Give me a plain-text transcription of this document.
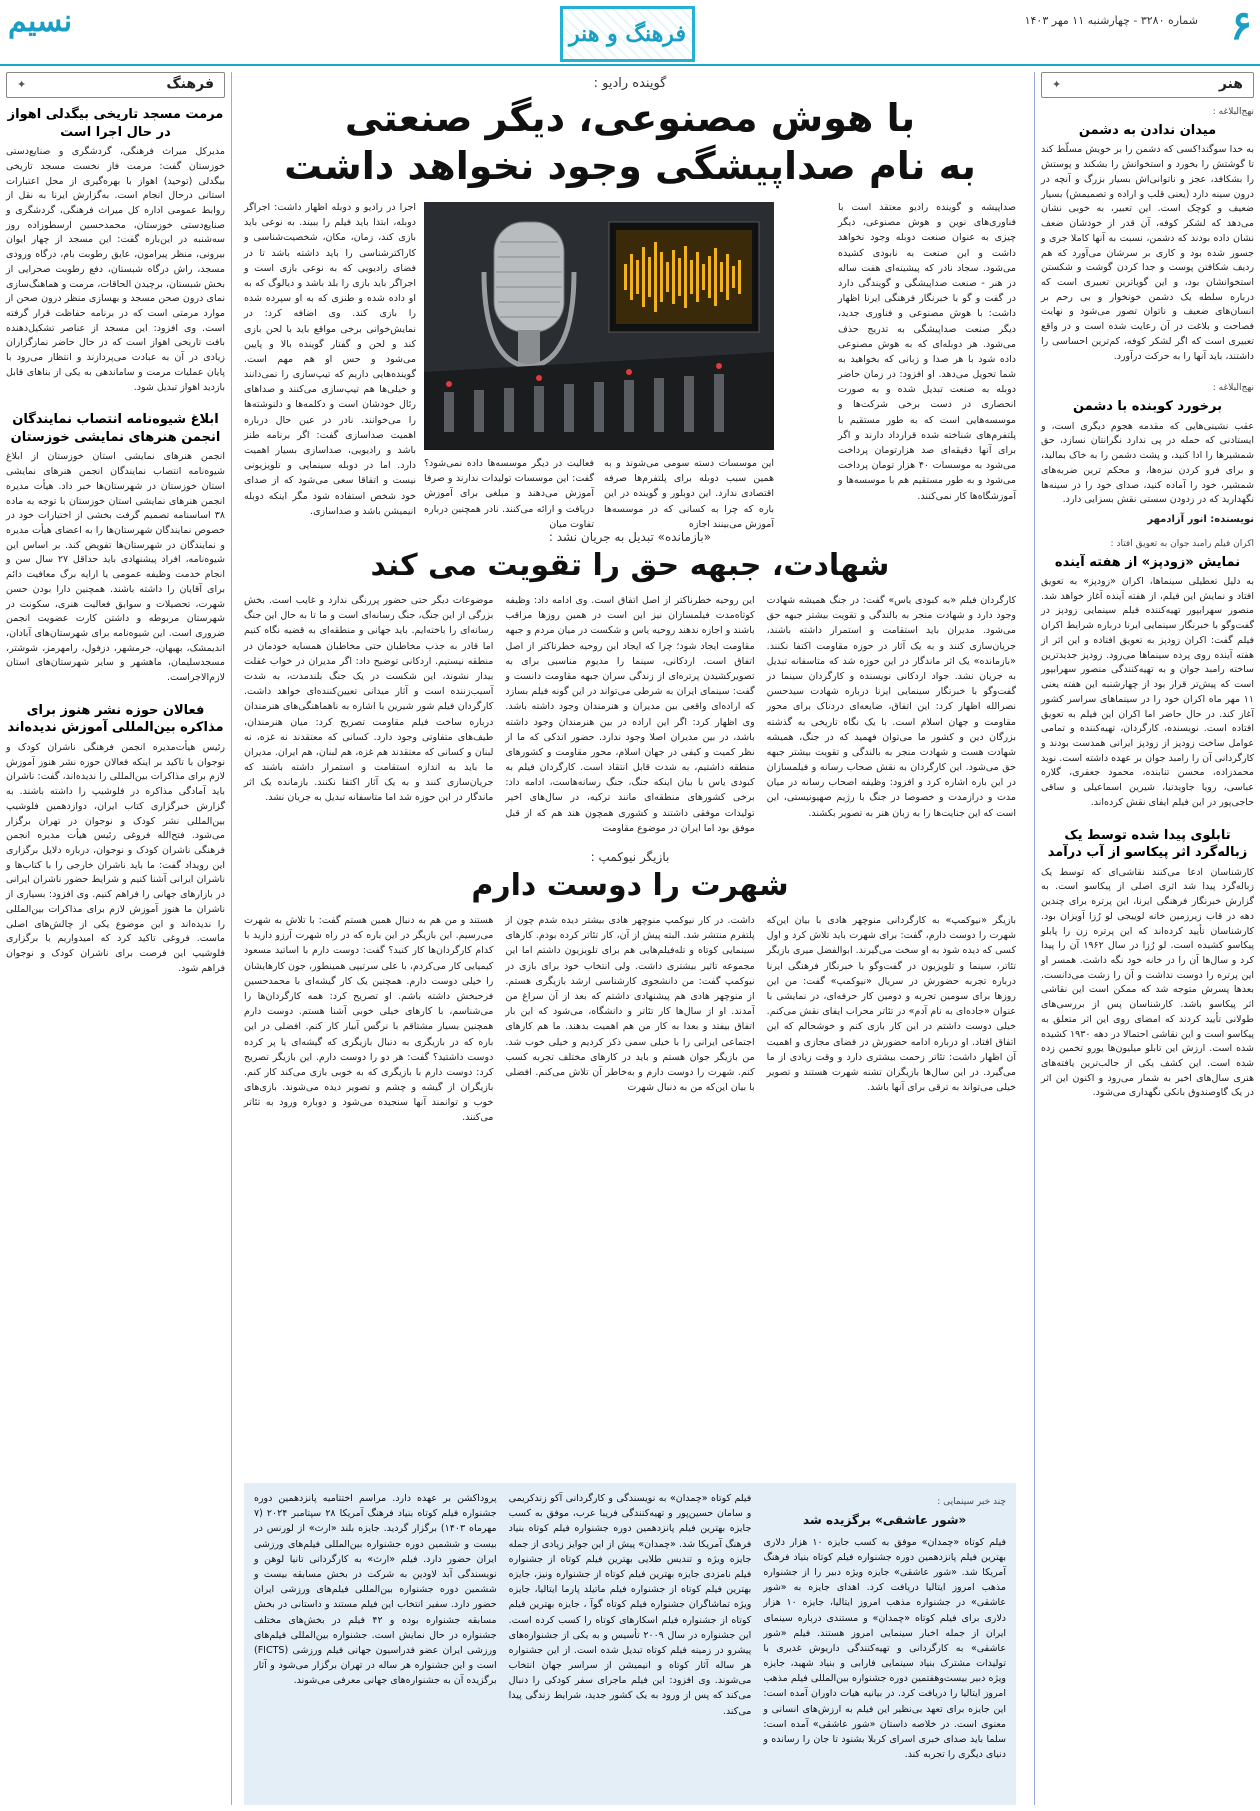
۶
شماره ۳۲۸۰ - چهارشنبه ۱۱ مهر ۱۴۰۳
فرهنگ و هنر
نسیم
هنر
✦
نهج‌البلاغه :
میدان ندادن به دشمن

به خدا سوگند!کسی که دشمن را بر خویش مسلّط کند تا گوشتش را بخورد و استخوانش را بشکند و پوستش را بشکافد، عجز و ناتوانی‌اش بسیار بزرگ و آنچه در درون سینه دارد (یعنی قلب و اراده و تصمیمش) بسیار ضعیف و کوچک است. این تعبیر، به خوبی نشان می‌دهد که لشکر کوفه، آن قدر از خودشان ضعف نشان داده بودند که دشمن، نسبت به آنها کاملا جری و جسور شده بود و کاری بر سرشان می‌آورد که هم ردیف شکافتن پوست و جدا کردن گوشت و شکستن استخوانشان بود، و این گویاترین تعبیری است که درباره سلطه یک دشمن خونخوار و بی رحم بر انسان‌های ضعیف و ناتوان تصور می‌شود و نهایت فصاحت و بلاغت در آن رعایت شده است و در واقع تعبیری است که اگر لشکر کوفه، کم‌ترین احساسی را داشتند، باید آنها را به حرکت درآورد.

نهج‌البلاغه :
برخورد کوبنده با دشمن

عقب نشینی‌هایی که مقدمه هجوم دیگری است، و ایستادنی که حمله در پی ندارد نگرانتان نسازد، حق شمشیرها را ادا کنید، و پشت دشمن را به خاک بمالید، و برای فرو کردن نیزه‌ها، و محکم ترین ضربه‌های شمشیر، خود را آماده کنید، صدای خود را در سینه‌ها نگهدارید که در زدودن سستی نقش بسزایی دارد.

نویسنده: انور آزادمهر
اکران فیلم رامبد جوان به تعویق افتاد :
نمایش «زودپز» از هفته آینده

به دلیل تعطیلی سینماها، اکران «زودپز» به تعویق افتاد و نمایش این فیلم، از هفته آینده آغاز خواهد شد. منصور سهرابپور تهیه‌کننده فیلم سینمایی زودپز در گفت‌وگو با خبرنگار سینمایی ایرنا درباره شرایط اکران فیلم گفت: اکران زودپز به تعویق افتاده و این اثر از هفته آینده روی پرده سینماها می‌رود. زودپز جدیدترین ساخته رامبد جوان و به تهیه‌کنندگی منصور سهرابپور است که پیش‌تر قرار بود از چهارشنبه این هفته یعنی ۱۱ مهر ماه اکران خود را در سینماهای سراسر کشور آغاز کند. در حال حاضر اما اکران این فیلم به تعویق افتاده است. نویسنده، کارگردان، تهیه‌کننده و تمامی عوامل ساخت زودپز از زودپز ایرانی همدست بودند و کارگردانی آن را رامبد جوان بر عهده داشته است. نوید محمدزاده، محسن تنابنده، محمود جعفری، گلاره عباسی، رویا جاویدنیا، شیرین اسماعیلی و ساقی حاجی‌پور در این فیلم ایفای نقش کرده‌اند.

تابلوی پیدا شده توسط یک زباله‌گرد اثر پیکاسو از آب درآمد

کارشناسان ادعا می‌کنند نقاشی‌ای که توسط یک زباله‌گرد پیدا شد اثری اصلی از پیکاسو است. به گزارش خبرنگار فرهنگی ایرنا، این پرتره برای چندین دهه در قاب زیرزمین خانه لوییجی لو رُزا آویزان بود. کارشناسان تأیید کرده‌اند که این پرتره زن را پابلو پیکاسو کشیده است. لو رُزا در سال ۱۹۶۲ آن را پیدا کرد و سال‌ها آن را در خانه خود نگه داشت. همسر او این پرتره را دوست نداشت و آن را زشت می‌دانست. بعدها پسرش متوجه شد که ممکن است این نقاشی اثر پیکاسو باشد. کارشناسان پس از بررسی‌های طولانی تأیید کردند که امضای روی این اثر متعلق به پیکاسو است و این نقاشی احتمالا در دهه ۱۹۳۰ کشیده شده است. ارزش این تابلو میلیون‌ها یورو تخمین زده شده است. این کشف یکی از جالب‌ترین یافته‌های هنری سال‌های اخیر به شمار می‌رود و اکنون این اثر در یک گاوصندوق بانکی نگهداری می‌شود.

فرهنگ
✦
مرمت مسجد تاریخی بیگدلی اهواز در حال اجرا است

مدیرکل میراث فرهنگی، گردشگری و صنایع‌دستی خوزستان گفت: مرمت فاز نخست مسجد تاریخی بیگدلی (توحید) اهواز با بهره‌گیری از محل اعتبارات استانی درحال انجام است. به‌گزارش ایرنا به نقل از روابط عمومی اداره کل میراث فرهنگی، گردشگری و صنایع‌دستی خوزستان، محمدحسین ارسطوزاده روز سه‌شنبه در این‌باره گفت: این مسجد از چهار ایوان بیرونی، منظر پیرامون، عایق رطوبت بام، درگاه ورودی مسجد، راش درگاه شبستان، دفع رطوبت صحرایی از بخش شبستان، برچیدن الحاقات، مرمت و هماهنگ‌سازی نمای درون صحن مسجد و بهسازی منظر درون صحن از موارد مرمتی است که در برنامه حفاظت قرار گرفته است. وی افزود: این مسجد از عناصر تشکیل‌دهنده بافت تاریخی اهواز است که در حال حاضر نمازگزاران زیادی در آن به عبادت می‌پردازند و انتظار می‌رود با پایان عملیات مرمت و ساماندهی به یکی از بناهای قابل بازدید اهواز تبدیل شود.

ابلاغ شیوه‌نامه انتصاب نمایندگان انجمن هنرهای نمایشی خوزستان

انجمن هنرهای نمایشی استان خوزستان از ابلاغ شیوه‌نامه انتصاب نمایندگان انجمن هنرهای نمایشی استان خوزستان در شهرستان‌ها خبر داد. هیأت مدیره انجمن هنرهای نمایشی استان خوزستان با توجه به ماده ۳۸ اساسنامه تصمیم گرفت بخشی از اختیارات خود در خصوص نمایندگان شهرستان‌ها را به اعضای هیأت مدیره و نمایندگان در شهرستان‌ها تفویض کند. بر اساس این شیوه‌نامه، افراد پیشنهادی باید حداقل ۲۷ سال سن و انجام خدمت وظیفه عمومی یا ارایه برگ معافیت دائم برای آقایان را داشته باشند. همچنین دارا بودن حسن شهرت، تحصیلات و سوابق فعالیت هنری، سکونت در شهرستان مربوطه و داشتن کارت عضویت انجمن ضروری است. این شیوه‌نامه برای شهرستان‌های آبادان، اندیمشک، بهبهان، خرمشهر، دزفول، رامهرمز، شوشتر، مسجدسلیمان، ماهشهر و سایر شهرستان‌های استان لازم‌الاجراست.

فعالان حوزه نشر هنوز برای مذاکره بین‌المللی آموزش ندیده‌اند

رئیس هیأت‌مدیره انجمن فرهنگی ناشران کودک و نوجوان با تاکید بر اینکه فعالان حوزه نشر هنوز آموزش لازم برای مذاکرات بین‌المللی را ندیده‌اند، گفت: ناشران باید آمادگی مذاکره در فلوشیپ را داشته باشند. به گزارش خبرگزاری کتاب ایران، دوازدهمین فلوشیپ بین‌المللی نشر کودک و نوجوان در تهران برگزار می‌شود. فتح‌الله فروغی رئیس هیأت مدیره انجمن فرهنگی ناشران کودک و نوجوان، درباره دلایل برگزاری این رویداد گفت: ما باید ناشران خارجی را با کتاب‌ها و ناشران ایرانی آشنا کنیم و شرایط حضور ناشران ایرانی در بازارهای جهانی را فراهم کنیم. وی افزود: بسیاری از ناشران ما هنوز آموزش لازم برای مذاکرات بین‌المللی را ندیده‌اند و این موضوع یکی از چالش‌های اصلی ماست. فروغی تاکید کرد که امیدواریم با برگزاری فلوشیپ این فرصت برای ناشران کودک و نوجوان فراهم شود.

گوینده رادیو :
با هوش مصنوعی، دیگر صنعتی
به نام صداپیشگی وجود نخواهد داشت
صداپیشه و گوینده رادیو معتقد است با فناوری‌های نوین و هوش مصنوعی، دیگر چیزی به عنوان صنعت دوبله وجود نخواهد داشت و این صنعت به نابودی کشیده می‌شود. سجاد نادر که پیشینه‌ای هفت ساله در هنر - صنعت صداپیشگی و گویندگی دارد در گفت و گو با خبرنگار فرهنگی ایرنا اظهار داشت: با هوش مصنوعی و فناوری جدید، دیگر صنعت صداپیشگی به تدریج حذف می‌شود. هر دوبله‌ای که به هوش مصنوعی داده شود با هر صدا و زبانی که بخواهید به شما تحویل می‌دهد. او افزود: در زمان حاضر دوبله به صنعت تبدیل شده و به صورت انحصاری در دست برخی شرکت‌ها و موسسه‌هایی است که به طور مستقیم با پلتفرم‌های شناخته شده قرارداد دارند و اگر برای آنها دقیقه‌ای صد هزارتومان پرداخت می‌شود به موسسات ۴۰ هزار تومان پرداخت می‌شود و به طور مستقیم هم با موسسه‌ها و آموزشگاه‌ها کار نمی‌کنند.
اجرا در رادیو و دوبله اظهار داشت: اجراگر دوبله، ابتدا باید فیلم را ببیند. به نوعی باید بازی کند، زمان، مکان، شخصیت‌شناسی و کاراکترشناسی را باید داشته باشد تا در فضای رادیویی که به نوعی بازی است و اجراگر باید بازی را بلد باشد و دیالوگ که به او داده شده و طنزی که به او سپرده شده را بازی کند. وی اضافه کرد: در نمایش‌خوانی برخی مواقع باید با لحن بازی کند و لحن و گفتار گوینده بالا و پایین می‌شود و حس او هم مهم است. گوینده‌هایی داریم که تیپ‌سازی را نمی‌دانند و خیلی‌ها هم تیپ‌سازی می‌کنند و صداهای رئال خودشان است و دکلمه‌ها و دلنوشته‌ها را می‌خوانند. نادر در عین حال درباره اهمیت صداسازی گفت: اگر برنامه طنز باشد و رادیویی، صداسازی بسیار اهمیت دارد. اما در دوبله سینمایی و تلویزیونی نیست و اتفاقا سعی می‌شود که از صدای خود شخص استفاده شود مگر اینکه دوبله انیمیشن باشد و صداسازی.
فعالیت در دیگر موسسه‌ها داده نمی‌شود؟ گفت: این موسسات تولیدات ندارند و صرفا آموزش می‌دهند و مبلغی برای آموزش دریافت و ارائه می‌کنند. نادر همچنین درباره تفاوت میان
این موسسات دسته سومی می‌شوند و به همین سبب دوبله برای پلتفرم‌ها صرفه اقتصادی ندارد. این دوبلور و گوینده در این باره که چرا به کسانی که در موسسه‌ها آموزش می‌بینند اجازه
«بازمانده» تبدیل به جریان نشد :
شهادت، جبهه حق را تقویت می کند
کارگردان فیلم «به کبودی یاس» گفت: در جنگ همیشه شهادت وجود دارد و شهادت منجر به بالندگی و تقویت بیشتر جبهه حق می‌شود. مدیران باید استقامت و استمرار داشته باشند، جریان‌سازی کنند و به یک آثار در حوزه مقاومت اکتفا نکنند. «بازمانده» یک اثر ماندگار در این حوزه شد که متاسفانه تبدیل به جریان نشد. جواد اردکانی نویسنده و کارگردان سینما در گفت‌وگو با خبرنگار سینمایی ایرنا درباره شهادت سیدحسن نصرالله اظهار کرد: این اتفاق، ضایعه‌ای دردناک برای محور مقاومت و جهان اسلام است. با یک نگاه تاریخی به گذشته بزرگان دین و کشور ما می‌توان فهمید که در جنگ، همیشه شهادت هست و شهادت منجر به بالندگی و تقویت بیشتر جبهه حق می‌شود. این کارگردان به نقش صحاب رسانه و فیلمسازان در این باره اشاره کرد و افزود: وظیفه اصحاب رسانه در میان مدت و درازمدت و خصوصا در جنگ با رژیم صهیونیستی، این است که این جنایت‌ها را به زبان هنر به تصویر بکشند.
این روحیه خطرناکتر از اصل اتفاق است. وی ادامه داد: وظیفه کوتاه‌مدت فیلمسازان نیز این است در همین روزها مراقب باشند و اجازه ندهند روحیه یاس و شکست در میان مردم و جبهه مقاومت ایجاد شود؛ چرا که ایجاد این روحیه خطرناکتر از اصل اتفاق است. اردکانی، سینما را مدیوم مناسبی برای به تصویرکشیدن پرتره‌ای از زندگی سران جبهه مقاومت دانست و گفت: سینمای ایران به شرطی می‌تواند در این گونه فیلم بسازد که اراده‌ای واقعی بین مدیران و هنرمندان وجود داشته باشد. وی اظهار کرد: اگر این اراده در بین هنرمندان وجود داشته باشد، در بین مدیران اصلا وجود ندارد. حضور اندکی که ما از نظر کمیت و کیفی در جهان اسلام، محور مقاومت و کشورهای منطقه داشتیم، به شدت قابل انتقاد است. کارگردان فیلم به کبودی یاس با بیان اینکه جنگ، جنگ رسانه‌هاست، ادامه داد: برخی کشورهای منطقه‌ای مانند ترکیه، در سال‌های اخیر تولیدات موفقی داشتند و کشوری همچون هند هم که از قبل موفق بود اما ایران در موضوع مقاومت
موضوعات دیگر حتی حضور پررنگی ندارد و غایب است. بخش بزرگی از این جنگ، جنگ رسانه‌ای است و ما تا به حال این جنگ رسانه‌ای را باخته‌ایم. باید جهانی و منطقه‌ای به قضیه نگاه کنیم اما قادر به جذب مخاطبان حتی مخاطبان همسایه خودمان در منطقه نیستیم. اردکانی توضیح داد: اگر مدیران در خواب غفلت بیدار نشوند، این شکست در یک جنگ بلندمدت، به شدت آسیب‌زننده است و آثار میدانی تعیین‌کننده‌ای خواهد داشت. کارگردان فیلم شور شیرین با اشاره به ناهماهنگی‌های هنرمندان درباره ساخت فیلم مقاومت تصریح کرد: میان هنرمندان، طیف‌های متفاوتی وجود دارد. کسانی که معتقدند نه غزه، نه لبنان و کسانی که معتقدند هم غزه، هم لبنان، هم ایران. مدیران ما باید به اندازه استقامت و استمرار داشته باشند که جریان‌سازی کنند و به یک آثار اکتفا نکنند. بازمانده یک اثر ماندگار در این حوزه شد اما متاسفانه تبدیل به جریان نشد.
بازیگر نیوکمپ :
شهرت را دوست دارم
بازیگر «نیوکمپ» به کارگردانی منوچهر هادی با بیان این‌که شهرت را دوست دارم، گفت: برای شهرت باید تلاش کرد و اول کسی که دیده شود به او سخت می‌گیرند. ابوالفضل میری بازیگر تئاتر، سینما و تلویزیون در گفت‌وگو با خبرنگار فرهنگی ایرنا درباره تجربه حضورش در سریال «نیوکمپ» گفت: من این روزها برای سومین تجربه و دومین کار حرفه‌ای، در نمایشی با عنوان «جاده‌ای به نام آدم» در تئاتر محراب ایفای نقش می‌کنم. خیلی دوست داشتم در این کار بازی کنم و خوشحالم که این اتفاق افتاد. او درباره ادامه حضورش در فضای مجازی و اهمیت آن اظهار داشت: تئاتر زحمت بیشتری دارد و وقت زیادی از ما می‌گیرد. در این سال‌ها بازیگران تشنه شهرت هستند و تصویر خیلی می‌تواند به ترقی برای آنها باشد.
داشت. در کار نیوکمپ منوچهر هادی بیشتر دیده شدم چون از پلتفرم منتشر شد. البته پیش از آن، کار تئاتر کرده بودم. کارهای سینمایی کوتاه و تله‌فیلم‌هایی هم برای تلویزیون داشتم اما این مجموعه تاثیر بیشتری داشت. ولی انتخاب خود برای بازی در نیوکمپ گفت: من دانشجوی کارشناسی ارشد بازیگری هستم. از منوچهر هادی هم پیشنهادی داشتم که بعد از آن سراغ من آمدند. او از سال‌ها کار تئاتر و دانشگاه، می‌شود که این بار اتفاق بیفتد و بعدا به کار من هم اهمیت بدهند. ما هم کارهای اجتماعی ایرانی را با خیلی سمی ذکر کردیم و خیلی خوب شد. من بازیگر جوان هستم و باید در کارهای مختلف تجربه کسب کنم. شهرت را دوست دارم و به‌خاطر آن تلاش می‌کنم. افضلی با بیان این‌که من به دنبال شهرت
هستند و من هم به دنبال همین هستم گفت: با تلاش به شهرت می‌رسیم. این بازیگر در این باره که در راه شهرت آرزو دارید با کدام کارگردان‌ها کار کنید؟ گفت: دوست دارم با اساتید مسعود کیمیایی کار می‌کردم، با علی سرتیپی همینطور، جون کارهایشان را خیلی دوست دارم. همچنین یک کار گیشه‌ای با محمدحسین فرحبخش داشته باشم. او تصریح کرد: همه کارگردان‌ها را می‌شناسم، با کارهای خیلی خوبی آشنا هستم. دوست دارم همچنین بسیار مشتاقم با نرگس آبیار کار کنم. افضلی در این باره که در بازیگری به دنبال بازیگری که گیشه‌ای یا پر کرده دوست داشتید؟ گفت: هر دو را دوست دارم. این بازیگر تصریح کرد: دوست دارم با بازیگری که به خوبی بازی می‌کند کار کنم. بازیگران از گیشه و چشم و تصویر دیده می‌شوند. بازی‌های خوب و توانمند آنها سنجیده می‌شود و دوباره ورود به تئاتر می‌کنند.
چند خبر سینمایی :
«شور عاشقی» برگزیده شد
فیلم کوتاه «چمدان» موفق به کسب جایزه ۱۰ هزار دلاری بهترین فیلم پانزدهمین دوره جشنواره فیلم کوتاه بنیاد فرهنگ آمریکا شد. «شور عاشقی» جایزه ویژه دبیر را از جشنواره مذهب امروز ایتالیا دریافت کرد. اهدای جایزه به «شور عاشقی» در جشنواره مذهب امروز ایتالیا، جایزه ۱۰ هزار دلاری برای فیلم کوتاه «چمدان» و مستندی درباره سینمای ایران از جمله اخبار سینمایی امروز هستند. فیلم «شور عاشقی» به کارگردانی و تهیه‌کنندگی داریوش غدیری با تولیدات مشترک بنیاد سینمایی فارابی و بنیاد شهید، جایزه ویژه دبیر بیست‌وهفتمین دوره جشنواره بین‌المللی فیلم مذهب امروز ایتالیا را دریافت کرد. در بیانیه هیات داوران آمده است: این جایزه برای تعهد بی‌نظیر این فیلم به ارزش‌های انسانی و معنوی است. در خلاصه داستان «شور عاشقی» آمده است: سلما باید صدای خبری اسرای کربلا بشنود تا جان را رسانده و دنیای دیگری را تجربه کند.
فیلم کوتاه «چمدان» به نویسندگی و کارگردانی آکو زندکریمی و سامان حسین‌پور و تهیه‌کنندگی فریبا عرب، موفق به کسب جایزه بهترین فیلم پانزدهمین دوره جشنواره فیلم کوتاه بنیاد فرهنگ آمریکا شد. «چمدان» پیش از این جوایز زیادی از جمله جایزه ویژه و تندیس طلایی بهترین فیلم کوتاه از جشنواره فیلم نامزدی جایزه بهترین فیلم کوتاه از جشنواره ونیز، جایزه بهترین فیلم کوتاه از جشنواره فیلم ماتیلد پارما ایتالیا، جایزه ویژه تماشاگران جشنواره فیلم کوتاه گوآ ، جایزه بهترین فیلم کوتاه از جشنواره فیلم اسکارهای کوتاه را کسب کرده است. این جشنواره در سال ۲۰۰۹ تأسیس و به یکی از جشنواره‌های پیشرو در زمینه فیلم کوتاه تبدیل شده است. از این جشنواره هر ساله آثار کوتاه و انیمیشن از سراسر جهان انتخاب می‌شوند. وی افزود: این فیلم ماجرای سفر کودکی را دنبال می‌کند که پس از ورود به یک کشور جدید، شرایط زندگی پیدا می‌کند.
پروداکشن بر عهده دارد. مراسم اختتامیه پانزدهمین دوره جشنواره فیلم کوتاه بنیاد فرهنگ آمریکا ۲۸ سپتامبر ۲۰۲۴ (۷ مهرماه ۱۴۰۳) برگزار گردید. جایزه بلند «ارث» از لورنس در بیست و ششمین دوره جشنواره بین‌المللی فیلم‌های ورزشی ایران حضور دارد. فیلم «ارث» به کارگردانی تانیا لوهن و نویسندگی آبد لاودین به شرکت در بخش مسابقه بیست و ششمین دوره جشنواره بین‌المللی فیلم‌های ورزشی ایران حضور دارد. سفیر انتخاب این فیلم مستند و داستانی در بخش مسابقه جشنواره بوده و ۴۲ فیلم در بخش‌های مختلف جشنواره در حال نمایش است. جشنواره بین‌المللی فیلم‌های ورزشی ایران عضو فدراسیون جهانی فیلم ورزشی (FICTS) است و این جشنواره هر ساله در تهران برگزار می‌شود و آثار برگزیده آن به جشنواره‌های جهانی معرفی می‌شوند.
